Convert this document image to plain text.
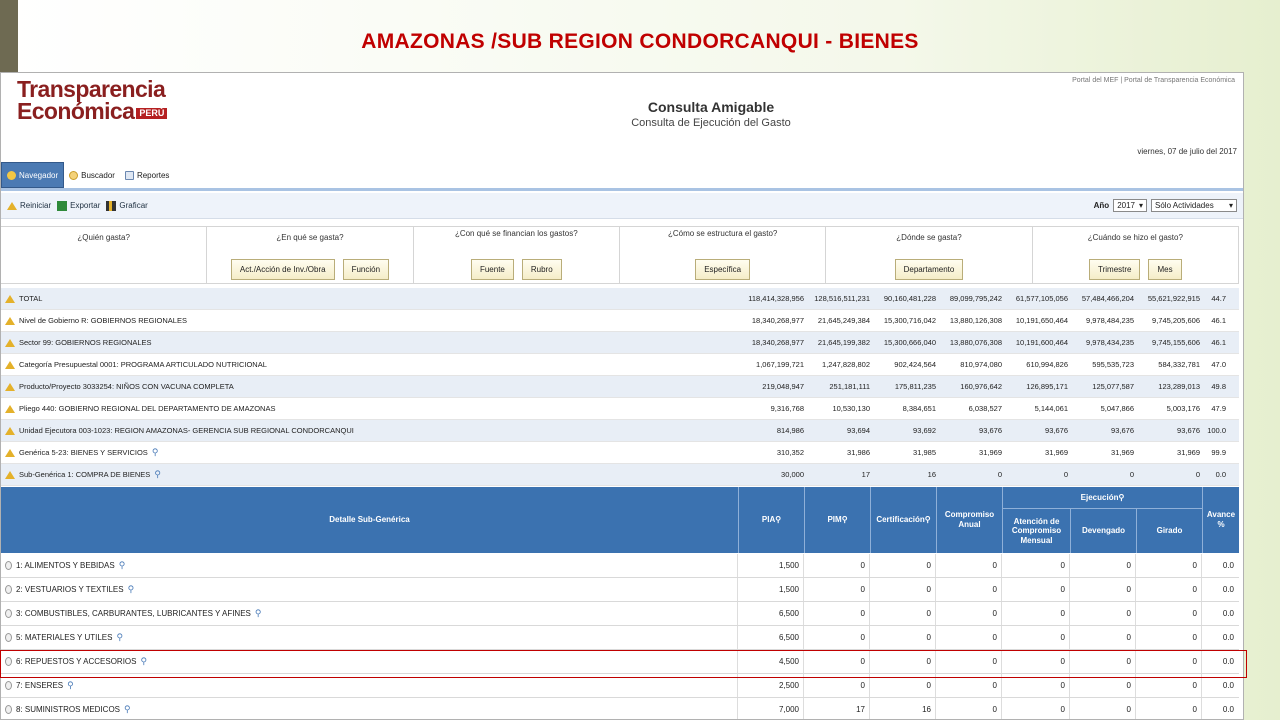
AMAZONAS /SUB REGION CONDORCANQUI - BIENES
Transparencia
Económica PERÚ
Portal del MEF | Portal de Transparencia Económica
Consulta Amigable
Consulta de Ejecución del Gasto
viernes, 07 de julio del 2017
Navegador	Buscador	Reportes
Reiniciar Exportar Graficar	Año 2017 ▾ Sólo Actividades ▾
¿Quién gasta?	¿En qué se gasta?
Act./Acción de Inv./Obra	Función
¿Con qué se financian los gastos?
Fuente	Rubro
¿Cómo se estructura el gasto?
Específica
¿Dónde se gasta?
Departamento
¿Cuándo se hizo el gasto?
Trimestre	Mes
TOTAL	118,414,328,956	128,516,511,231	90,160,481,228	89,099,795,242	61,577,105,056	57,484,466,204	55,621,922,915	44.7
Nivel de Gobierno R: GOBIERNOS REGIONALES	18,340,268,977	21,645,249,384	15,300,716,042	13,880,126,308	10,191,650,464	9,978,484,235	9,745,205,606	46.1
Sector 99: GOBIERNOS REGIONALES	18,340,268,977	21,645,199,382	15,300,666,040	13,880,076,308	10,191,600,464	9,978,434,235	9,745,155,606	46.1
Categoría Presupuestal 0001: PROGRAMA ARTICULADO NUTRICIONAL	1,067,199,721	1,247,828,802	902,424,564	810,974,080	610,994,826	595,535,723	584,332,781	47.0
Producto/Proyecto 3033254: NIÑOS CON VACUNA COMPLETA	219,048,947	251,181,111	175,811,235	160,976,642	126,895,171	125,077,587	123,289,013	49.8
Pliego 440: GOBIERNO REGIONAL DEL DEPARTAMENTO DE AMAZONAS	9,316,768	10,530,130	8,384,651	6,038,527	5,144,061	5,047,866	5,003,176	47.9
Unidad Ejecutora 003-1023: REGION AMAZONAS- GERENCIA SUB REGIONAL CONDORCANQUI	814,986	93,694	93,692	93,676	93,676	93,676	93,676 100.0
Genérica 5-23: BIENES Y SERVICIOS ⚲	310,352	31,986	31,985	31,969	31,969	31,969	31,969	99.9
Sub-Genérica 1: COMPRA DE BIENES ⚲	30,000	17	16	0	0	0	0	0.0
Detalle Sub-Genérica	PIA ⚲	PIM ⚲	Certificación ⚲
Compromiso Anual
Ejecución ⚲
Atención de Compromiso Mensual
Devengado	Girado
Avance %
1: ALIMENTOS Y BEBIDAS ⚲	1,500	0	0	0	0	0	0	0.0
2: VESTUARIOS Y TEXTILES ⚲	1,500	0	0	0	0	0	0	0.0
3: COMBUSTIBLES, CARBURANTES, LUBRICANTES Y AFINES ⚲	6,500	0	0	0	0	0	0	0.0
5: MATERIALES Y UTILES ⚲	6,500	0	0	0	0	0	0	0.0
6: REPUESTOS Y ACCESORIOS ⚲	4,500	0	0	0	0	0	0	0.0
7: ENSERES ⚲	2,500	0	0	0	0	0	0	0.0
8: SUMINISTROS MEDICOS ⚲	7,000	17	16	0	0	0	0	0.0
